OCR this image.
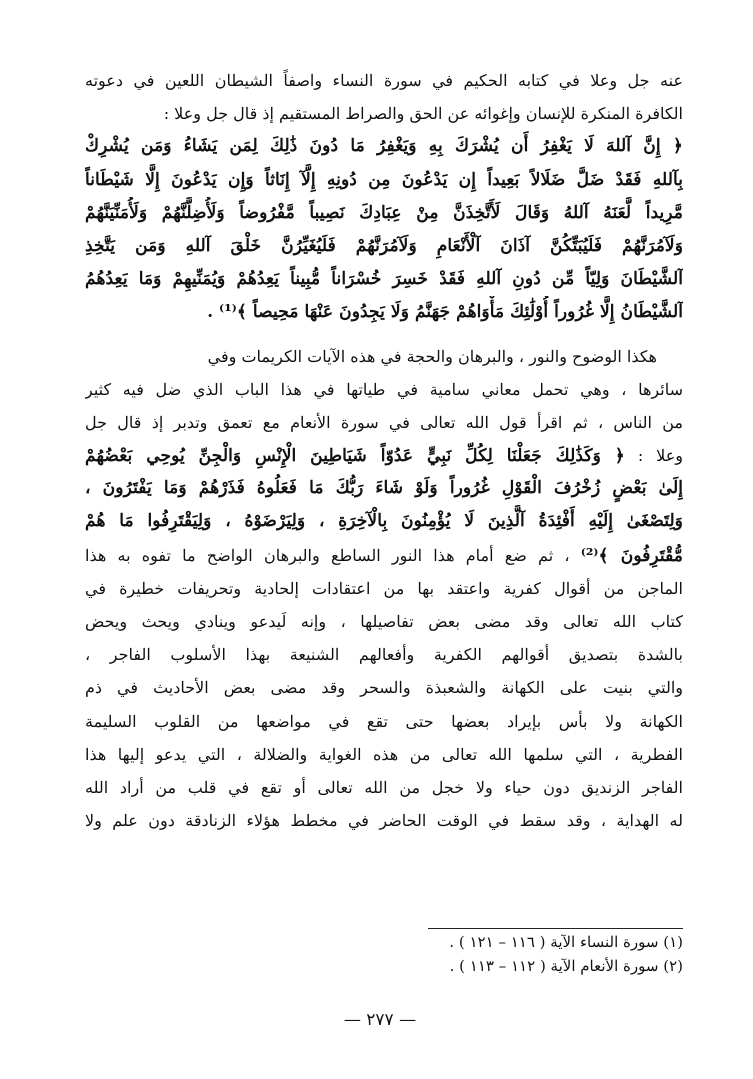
عنه جل وعلا في كتابه الحكيم في سورة النساء واصفاً الشيطان اللعين في دعوته
الكافرة المنكرة للإنسان وإغوائه عن الحق والصراط المستقيم إذ قال جل وعلا :
﴿ إِنَّ آللهَ لَا يَغْفِرُ أَن يُشْرَكَ بِهِ وَيَغْفِرُ مَا دُونَ ذَٰلِكَ لِمَن يَشَاءُ وَمَن يُشْرِكْ
بِآللهِ فَقَدْ ضَلَّ ضَلَالاً بَعِيداً إِن يَدْعُونَ مِن دُونِهِ إِلَّآ إِنَاثاً وَإِن يَدْعُونَ إِلَّا شَيْطَاناً
مَّرِيداً لَّعَنَهُ آللهُ وَقَالَ لَأَتَّخِذَنَّ مِنْ عِبَادِكَ نَصِيباً مَّفْرُوضاً وَلَأُضِلَّنَّهُمْ وَلَأُمَنِّيَنَّهُمْ
وَلَآمُرَنَّهُمْ فَلَيُبَتِّكُنَّ آذَانَ آلْأَنْعَامِ وَلَآمُرَنَّهُمْ فَلَيُغَيِّرُنَّ خَلْقَ آللهِ وَمَن يَتَّخِذِ
آلشَّيْطَانَ وَلِيّاً مِّن دُونِ آللهِ فَقَدْ خَسِرَ خُسْرَاناً مُّبِيناً يَعِدُهُمْ وَيُمَنِّيهِمْ وَمَا يَعِدُهُمُ
آلشَّيْطَانُ إِلَّا غُرُوراً أُوْلَٰئِكَ مَأْوَاهُمْ جَهَنَّمُ وَلَا يَجِدُونَ عَنْهَا مَحِيصاً ﴾⁽¹⁾ .
هكذا الوضوح والنور ، والبرهان والحجة في هذه الآيات الكريمات وفي
سائرها ، وهي تحمل معاني سامية في طياتها في هذا الباب الذي ضل فيه كثير
من الناس ، ثم اقرأ قول الله تعالى في سورة الأنعام مع تعمق وتدبر إذ قال جل
وعلا : ﴿ وَكَذَٰلِكَ جَعَلْنَا لِكُلِّ نَبِيٍّ عَدُوّاً شَيَاطِينَ الْإِنْسِ وَالْجِنِّ يُوحِي بَعْضُهُمْ
إِلَىٰ بَعْضٍ زُخْرُفَ الْقَوْلِ غُرُوراً وَلَوْ شَاءَ رَبُّكَ مَا فَعَلُوهُ فَذَرْهُمْ وَمَا يَفْتَرُونَ ،
وَلِتَصْغَىٰ إِلَيْهِ أَفْئِدَةُ آلَّذِينَ لَا يُؤْمِنُونَ بِالْآخِرَةِ ، وَلِيَرْضَوْهُ ، وَلِيَقْتَرِفُوا مَا هُمْ
مُّقْتَرِفُونَ ﴾⁽²⁾ ، ثم ضع أمام هذا النور الساطع والبرهان الواضح ما تفوه به هذا
الماجن من أقوال كفرية واعتقد بها من اعتقادات إلحادية وتحريفات خطيرة في
كتاب الله تعالى وقد مضى بعض تفاصيلها ، وإنه لَيدعو وينادي ويحث ويحض
بالشدة بتصديق أقوالهم الكفرية وأفعالهم الشنيعة بهذا الأسلوب الفاجر ،
والتي بنيت على الكهانة والشعبذة والسحر وقد مضى بعض الأحاديث في ذم
الكهانة ولا بأس بإيراد بعضها حتى تقع في مواضعها من القلوب السليمة
الفطرية ، التي سلمها الله تعالى من هذه الغواية والضلالة ، التي يدعو إليها هذا
الفاجر الزنديق دون حياء ولا خجل من الله تعالى أو تقع في قلب من أراد الله
له الهداية ، وقد سقط في الوقت الحاضر في مخطط هؤلاء الزنادقة دون علم ولا
(١) سورة النساء الآية ( ١١٦ – ١٢١ ) .
(٢) سورة الأنعام الآية ( ١١٢ – ١١٣ ) .
— ٢٧٧ —
